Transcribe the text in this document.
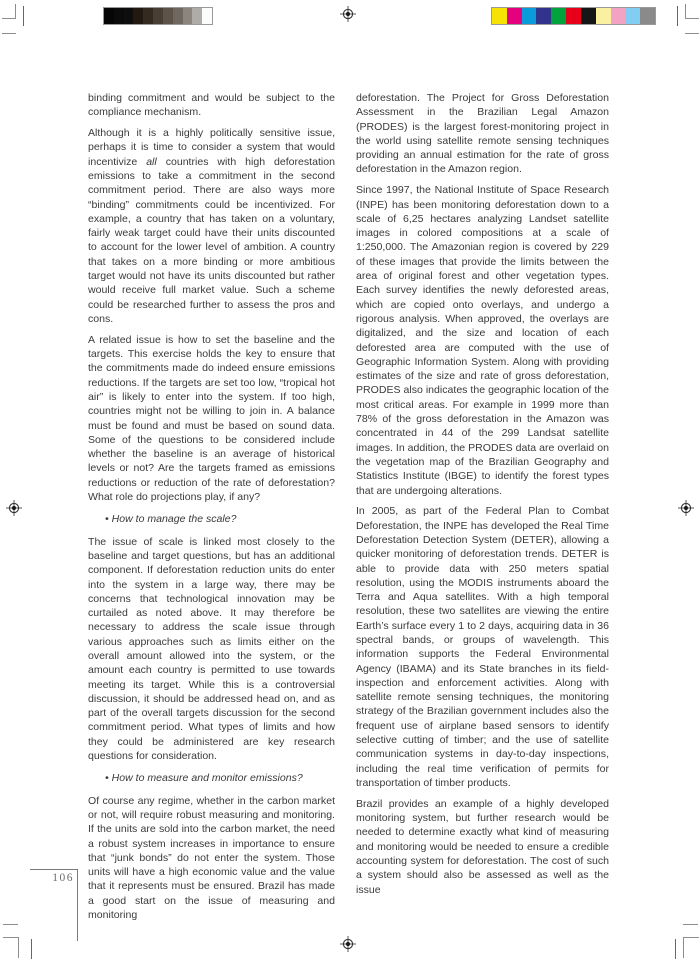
binding commitment and would be subject to the compliance mechanism.

Although it is a highly politically sensitive issue, perhaps it is time to consider a system that would incentivize all countries with high deforestation emissions to take a commitment in the second commitment period. There are also ways more “binding” commitments could be incentivized. For example, a country that has taken on a voluntary, fairly weak target could have their units discounted to account for the lower level of ambition. A country that takes on a more binding or more ambitious target would not have its units discounted but rather would receive full market value. Such a scheme could be researched further to assess the pros and cons.

A related issue is how to set the baseline and the targets. This exercise holds the key to ensure that the commitments made do indeed ensure emissions reductions. If the targets are set too low, “tropical hot air” is likely to enter into the system. If too high, countries might not be willing to join in. A balance must be found and must be based on sound data. Some of the questions to be considered include whether the baseline is an average of historical levels or not? Are the targets framed as emissions reductions or reduction of the rate of deforestation? What role do projections play, if any?

• How to manage the scale?

The issue of scale is linked most closely to the baseline and target questions, but has an additional component. If deforestation reduction units do enter into the system in a large way, there may be concerns that technological innovation may be curtailed as noted above. It may therefore be necessary to address the scale issue through various approaches such as limits either on the overall amount allowed into the system, or the amount each country is permitted to use towards meeting its target. While this is a controversial discussion, it should be addressed head on, and as part of the overall targets discussion for the second commitment period. What types of limits and how they could be administered are key research questions for consideration.

• How to measure and monitor emissions?

Of course any regime, whether in the carbon market or not, will require robust measuring and monitoring. If the units are sold into the carbon market, the need a robust system increases in importance to ensure that “junk bonds” do not enter the system. Those units will have a high economic value and the value that it represents must be ensured. Brazil has made a good start on the issue of measuring and monitoring

deforestation. The Project for Gross Deforestation Assessment in the Brazilian Legal Amazon (PRODES) is the largest forest-monitoring project in the world using satellite remote sensing techniques providing an annual estimation for the rate of gross deforestation in the Amazon region.

Since 1997, the National Institute of Space Research (INPE) has been monitoring deforestation down to a scale of 6,25 hectares analyzing Landset satellite images in colored compositions at a scale of 1:250,000. The Amazonian region is covered by 229 of these images that provide the limits between the area of original forest and other vegetation types. Each survey identifies the newly deforested areas, which are copied onto overlays, and undergo a rigorous analysis. When approved, the overlays are digitalized, and the size and location of each deforested area are computed with the use of Geographic Information System. Along with providing estimates of the size and rate of gross deforestation, PRODES also indicates the geographic location of the most critical areas. For example in 1999 more than 78% of the gross deforestation in the Amazon was concentrated in 44 of the 299 Landsat satellite images. In addition, the PRODES data are overlaid on the vegetation map of the Brazilian Geography and Statistics Institute (IBGE) to identify the forest types that are undergoing alterations.

In 2005, as part of the Federal Plan to Combat Deforestation, the INPE has developed the Real Time Deforestation Detection System (DETER), allowing a quicker monitoring of deforestation trends. DETER is able to provide data with 250 meters spatial resolution, using the MODIS instruments aboard the Terra and Aqua satellites. With a high temporal resolution, these two satellites are viewing the entire Earth’s surface every 1 to 2 days, acquiring data in 36 spectral bands, or groups of wavelength. This information supports the Federal Environmental Agency (IBAMA) and its State branches in its field-inspection and enforcement activities. Along with satellite remote sensing techniques, the monitoring strategy of the Brazilian government includes also the frequent use of airplane based sensors to identify selective cutting of timber; and the use of satellite communication systems in day-to-day inspections, including the real time verification of permits for transportation of timber products.

Brazil provides an example of a highly developed monitoring system, but further research would be needed to determine exactly what kind of measuring and monitoring would be needed to ensure a credible accounting system for deforestation. The cost of such a system should also be assessed as well as the issue

106
